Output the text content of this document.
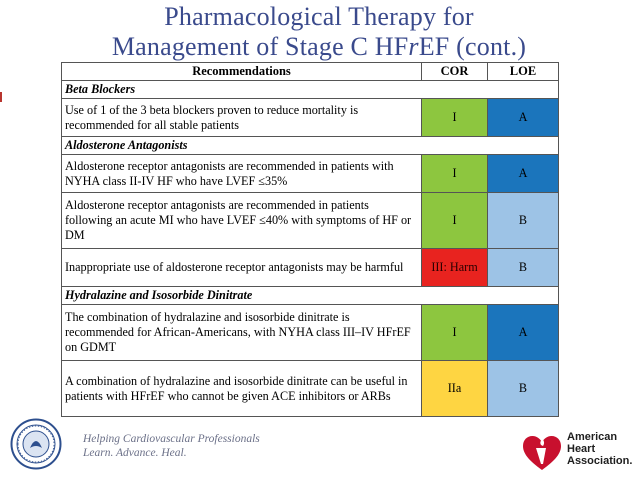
Pharmacological Therapy for
Management of Stage C HFrEF (cont.)
Recommendations	COR	LOE
Beta Blockers		
Use of 1 of the 3 beta blockers proven to reduce mortality is recommended for all stable patients	I	A
Aldosterone Antagonists		
Aldosterone receptor antagonists are recommended in patients with NYHA class II-IV HF who have LVEF ≤35%	I	A
Aldosterone receptor antagonists are recommended in patients following an acute MI who have LVEF ≤40% with symptoms of HF or DM	I	B
Inappropriate use of aldosterone receptor antagonists may be harmful	III: Harm	B
Hydralazine and Isosorbide Dinitrate		
The combination of hydralazine and isosorbide dinitrate is recommended for African-Americans, with NYHA class III–IV HFrEF on GDMT	I	A
A combination of hydralazine and isosorbide dinitrate can be useful in patients with HFrEF who cannot be given ACE inhibitors or ARBs	IIa	B
Helping Cardiovascular Professionals
Learn. Advance. Heal.
American
Heart
Association.
